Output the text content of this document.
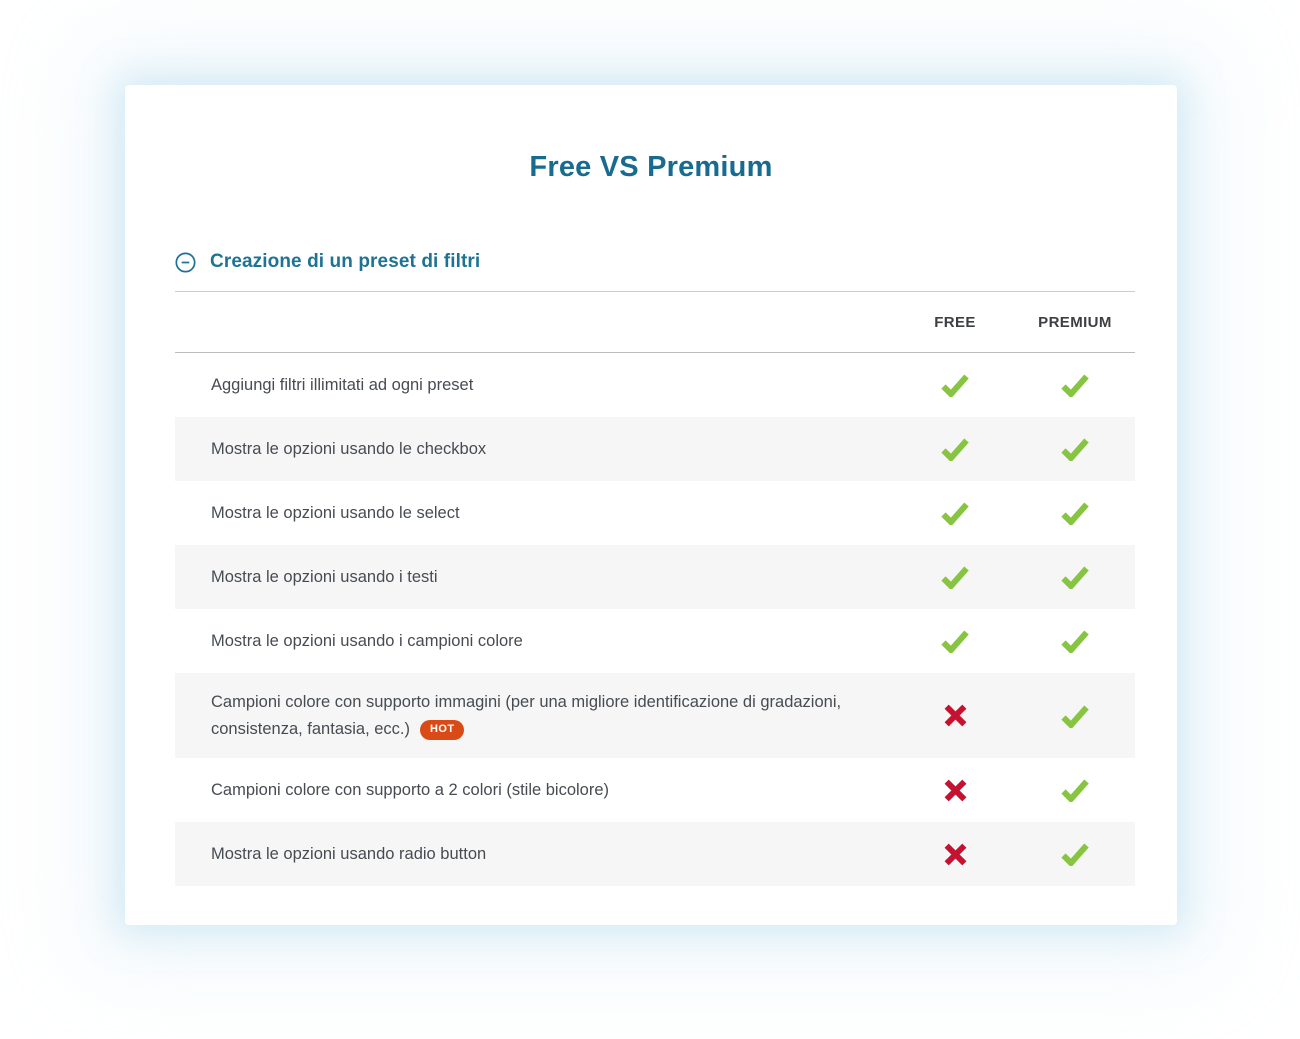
Free VS Premium
Creazione di un preset di filtri
FREE	PREMIUM
Aggiungi filtri illimitati ad ogni preset
Mostra le opzioni usando le checkbox
Mostra le opzioni usando le select
Mostra le opzioni usando i testi
Mostra le opzioni usando i campioni colore
Campioni colore con supporto immagini (per una migliore identificazione di gradazioni, consistenza, fantasia, ecc.) HOT
Campioni colore con supporto a 2 colori (stile bicolore)
Mostra le opzioni usando radio button
